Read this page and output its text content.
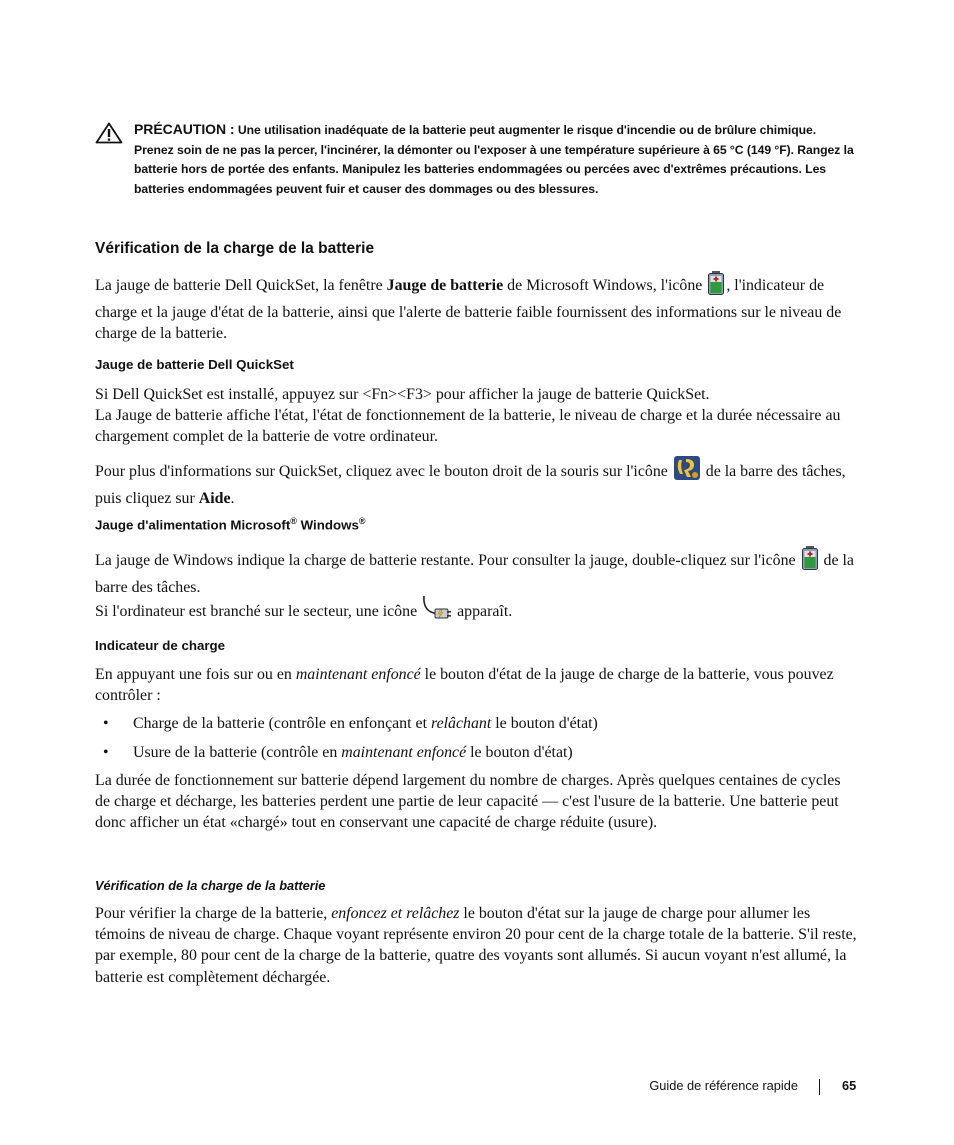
PRÉCAUTION : Une utilisation inadéquate de la batterie peut augmenter le risque d'incendie ou de brûlure chimique. Prenez soin de ne pas la percer, l'incinérer, la démonter ou l'exposer à une température supérieure à 65 °C (149 °F). Rangez la batterie hors de portée des enfants. Manipulez les batteries endommagées ou percées avec d'extrêmes précautions. Les batteries endommagées peuvent fuir et causer des dommages ou des blessures.
Vérification de la charge de la batterie

La jauge de batterie Dell QuickSet, la fenêtre Jauge de batterie de Microsoft Windows, l'icône , l'indicateur de charge et la jauge d'état de la batterie, ainsi que l'alerte de batterie faible fournissent des informations sur le niveau de charge de la batterie.

Jauge de batterie Dell QuickSet

Si Dell QuickSet est installé, appuyez sur <Fn><F3> pour afficher la jauge de batterie QuickSet.
La Jauge de batterie affiche l'état, l'état de fonctionnement de la batterie, le niveau de charge et la durée nécessaire au chargement complet de la batterie de votre ordinateur.

Pour plus d'informations sur QuickSet, cliquez avec le bouton droit de la souris sur l'icône  de la barre des tâches, puis cliquez sur Aide.

Jauge d'alimentation Microsoft® Windows®

La jauge de Windows indique la charge de batterie restante. Pour consulter la jauge, double-cliquez sur l'icône  de la barre des tâches.

Si l'ordinateur est branché sur le secteur, une icône  apparaît.

Indicateur de charge

En appuyant une fois sur ou en maintenant enfoncé le bouton d'état de la jauge de charge de la batterie, vous pouvez contrôler :

• Charge de la batterie (contrôle en enfonçant et relâchant le bouton d'état)
• Usure de la batterie (contrôle en maintenant enfoncé le bouton d'état)

La durée de fonctionnement sur batterie dépend largement du nombre de charges. Après quelques centaines de cycles de charge et décharge, les batteries perdent une partie de leur capacité — c'est l'usure de la batterie. Une batterie peut donc afficher un état «chargé» tout en conservant une capacité de charge réduite (usure).

Vérification de la charge de la batterie

Pour vérifier la charge de la batterie, enfoncez et relâchez le bouton d'état sur la jauge de charge pour allumer les témoins de niveau de charge. Chaque voyant représente environ 20 pour cent de la charge totale de la batterie. S'il reste, par exemple, 80 pour cent de la charge de la batterie, quatre des voyants sont allumés. Si aucun voyant n'est allumé, la batterie est complètement déchargée.

Guide de référence rapide	65
